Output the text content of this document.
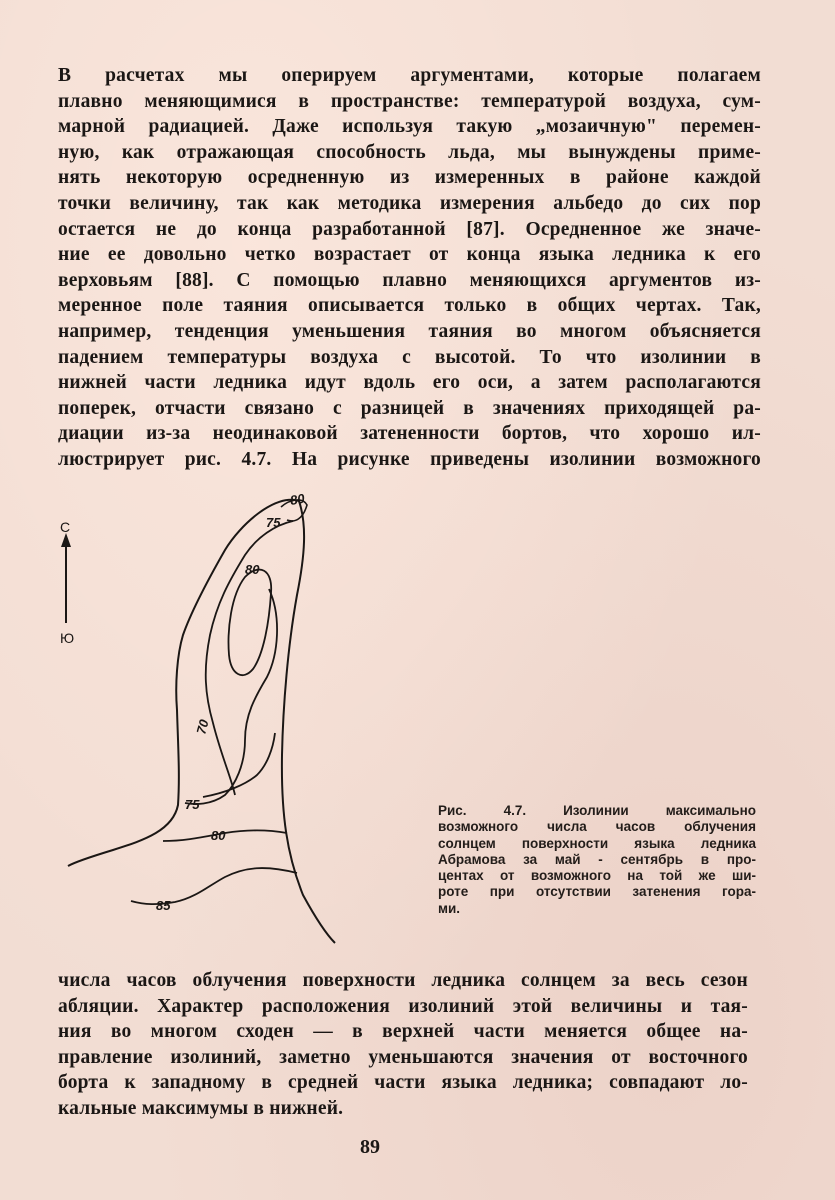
В расчетах мы оперируем аргументами, которые полагаем
плавно меняющимися в пространстве: температурой воздуха, сум-
марной радиацией. Даже используя такую „мозаичную" перемен-
ную, как отражающая способность льда, мы вынуждены приме-
нять некоторую осредненную из измеренных в районе каждой
точки величину, так как методика измерения альбедо до сих пор
остается не до конца разработанной [87]. Осредненное же значе-
ние ее довольно четко возрастает от конца языка ледника к его
верховьям [88]. С помощью плавно меняющихся аргументов из-
меренное поле таяния описывается только в общих чертах. Так,
например, тенденция уменьшения таяния во многом объясняется
падением температуры воздуха с высотой. То что изолинии в
нижней части ледника идут вдоль его оси, а затем располагаются
поперек, отчасти связано с разницей в значениях приходящей ра-
диации из-за неодинаковой затененности бортов, что хорошо ил-
люстрирует рис. 4.7. На рисунке приведены изолинии возможного

С
Ю
80
75
80
70
75
80
85
Рис. 4.7. Изолинии максимально
возможного числа часов облучения
солнцем поверхности языка ледника
Абрамова за май - сентябрь в про-
центах от возможного на той же ши-
роте при отсутствии затенения гора-
ми.

числа часов облучения поверхности ледника солнцем за весь сезон
абляции. Характер расположения изолиний этой величины и тая-
ния во многом сходен — в верхней части меняется общее на-
правление изолиний, заметно уменьшаются значения от восточного
борта к западному в средней части языка ледника; совпадают ло-
кальные максимумы в нижней.

89
